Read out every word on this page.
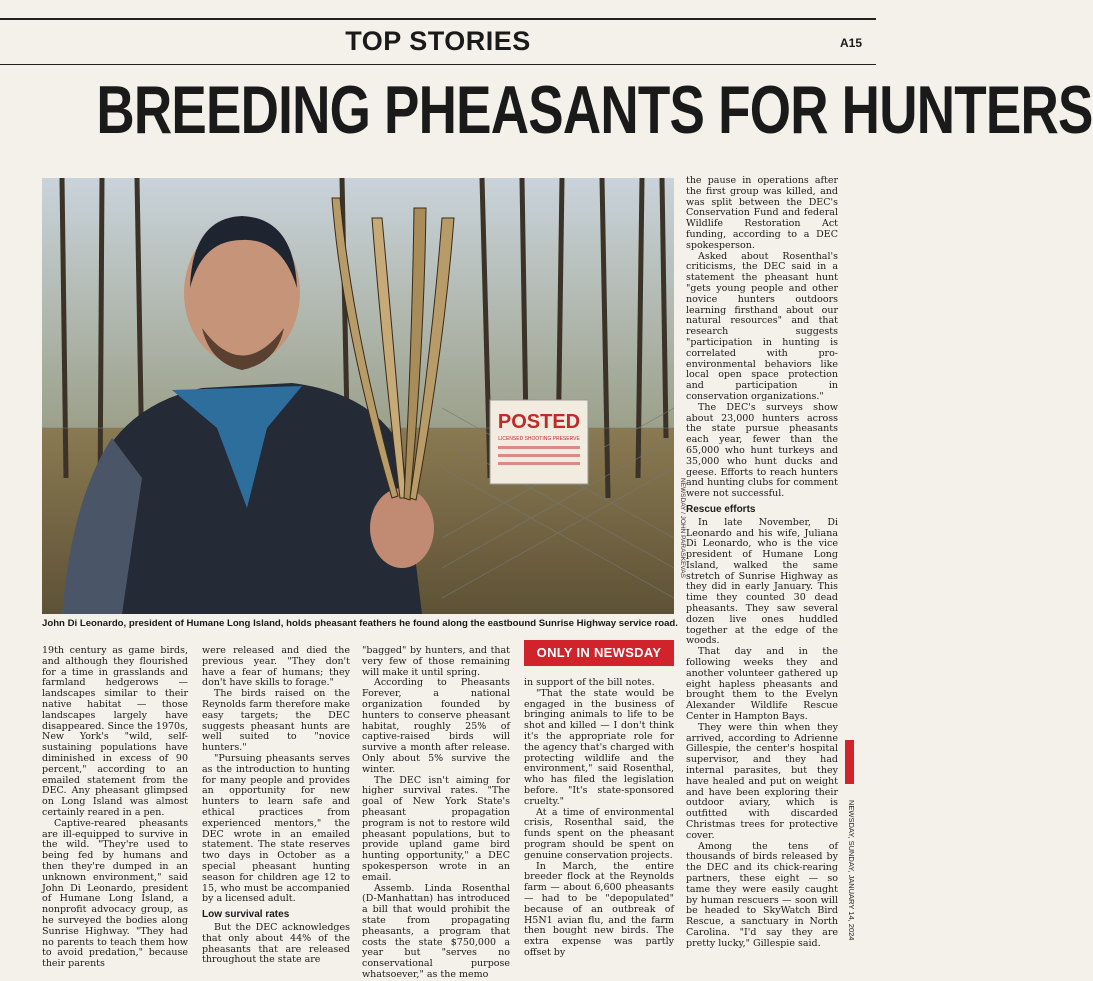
TOP STORIES	A15
BREEDING PHEASANTS FOR HUNTERS
POSTED
LICENSED SHOOTING PRESERVE
NEWSDAY / JOHN PARASKEVAS
John Di Leonardo, president of Humane Long Island, holds pheasant feathers he found along the eastbound Sunrise Highway service road.

19th century as game birds, and although they flourished for a time in grasslands and farmland hedgerows — landscapes similar to their native habitat — those landscapes largely have disappeared. Since the 1970s, New York's "wild, self-sustaining populations have diminished in excess of 90 percent," according to an emailed statement from the DEC. Any pheasant glimpsed on Long Island was almost certainly reared in a pen.

Captive-reared pheasants are ill-equipped to survive in the wild. "They're used to being fed by humans and then they're dumped in an unknown environment," said John Di Leonardo, president of Humane Long Island, a nonprofit advocacy group, as he surveyed the bodies along Sunrise Highway. "They had no parents to teach them how to avoid predation," because their parents

were released and died the previous year. "They don't have a fear of humans; they don't have skills to forage."

The birds raised on the Reynolds farm therefore make easy targets; the DEC suggests pheasant hunts are well suited to "novice hunters."

"Pursuing pheasants serves as the introduction to hunting for many people and provides an opportunity for new hunters to learn safe and ethical practices from experienced mentors," the DEC wrote in an emailed statement. The state reserves two days in October as a special pheasant hunting season for children age 12 to 15, who must be accompanied by a licensed adult.

Low survival rates

But the DEC acknowledges that only about 44% of the pheasants that are released throughout the state are

"bagged" by hunters, and that very few of those remaining will make it until spring.

According to Pheasants Forever, a national organization founded by hunters to conserve pheasant habitat, roughly 25% of captive-raised birds will survive a month after release. Only about 5% survive the winter.

The DEC isn't aiming for higher survival rates. "The goal of New York State's pheasant propagation program is not to restore wild pheasant populations, but to provide upland game bird hunting opportunity," a DEC spokesperson wrote in an email.

Assemb. Linda Rosenthal (D-Manhattan) has introduced a bill that would prohibit the state from propagating pheasants, a program that costs the state $750,000 a year but "serves no conservational purpose whatsoever," as the memo

ONLY IN NEWSDAY

in support of the bill notes.

"That the state would be engaged in the business of bringing animals to life to be shot and killed — I don't think it's the appropriate role for the agency that's charged with protecting wildlife and the environment," said Rosenthal, who has filed the legislation before. "It's state-sponsored cruelty."

At a time of environmental crisis, Rosenthal said, the funds spent on the pheasant program should be spent on genuine conservation projects.

In March, the entire breeder flock at the Reynolds farm — about 6,600 pheasants — had to be "depopulated" because of an outbreak of H5N1 avian flu, and the farm then bought new birds. The extra expense was partly offset by

the pause in operations after the first group was killed, and was split between the DEC's Conservation Fund and federal Wildlife Restoration Act funding, according to a DEC spokesperson.

Asked about Rosenthal's criticisms, the DEC said in a statement the pheasant hunt "gets young people and other novice hunters outdoors learning firsthand about our natural resources" and that research suggests "participation in hunting is correlated with pro-environmental behaviors like local open space protection and participation in conservation organizations."

The DEC's surveys show about 23,000 hunters across the state pursue pheasants each year, fewer than the 65,000 who hunt turkeys and 35,000 who hunt ducks and geese. Efforts to reach hunters and hunting clubs for comment were not successful.

Rescue efforts

In late November, Di Leonardo and his wife, Juliana Di Leonardo, who is the vice president of Humane Long Island, walked the same stretch of Sunrise Highway as they did in early January. This time they counted 30 dead pheasants. They saw several dozen live ones huddled together at the edge of the woods.

That day and in the following weeks they and another volunteer gathered up eight hapless pheasants and brought them to the Evelyn Alexander Wildlife Rescue Center in Hampton Bays.

They were thin when they arrived, according to Adrienne Gillespie, the center's hospital supervisor, and they had internal parasites, but they have healed and put on weight and have been exploring their outdoor aviary, which is outfitted with discarded Christmas trees for protective cover.

Among the tens of thousands of birds released by the DEC and its chick-rearing partners, these eight — so tame they were easily caught by human rescuers — soon will be headed to SkyWatch Bird Rescue, a sanctuary in North Carolina. "I'd say they are pretty lucky," Gillespie said.

NEWSDAY, SUNDAY, JANUARY 14, 2024
